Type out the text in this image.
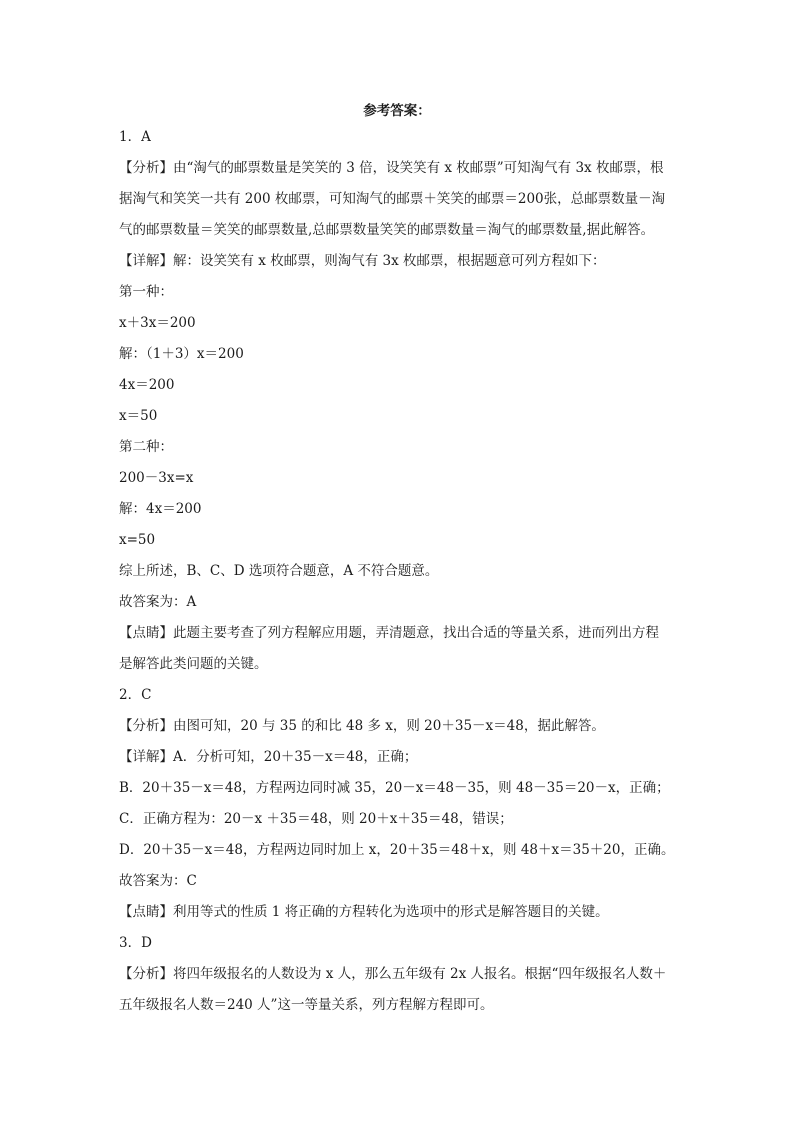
参考答案：
1．A
【分析】由“淘气的邮票数量是笑笑的 3 倍，设笑笑有 x 枚邮票”可知淘气有 3x 枚邮票，根
据淘气和笑笑一共有 200 枚邮票，可知淘气的邮票＋笑笑的邮票＝200张，总邮票数量－淘
气的邮票数量＝笑笑的邮票数量,总邮票数量笑笑的邮票数量＝淘气的邮票数量,据此解答。
【详解】解：设笑笑有 x 枚邮票，则淘气有 3x 枚邮票，根据题意可列方程如下：
第一种：
x＋3x＝200
解：（1＋3）x＝200
4x＝200
x＝50
第二种：
200－3x=x
解：4x＝200
x=50
综上所述，B、C、D 选项符合题意，A 不符合题意。
故答案为：A
【点睛】此题主要考查了列方程解应用题，弄清题意，找出合适的等量关系，进而列出方程
是解答此类问题的关键。
2．C
【分析】由图可知，20 与 35 的和比 48 多 x，则 20＋35－x＝48，据此解答。
【详解】A．分析可知，20＋35－x＝48，正确；
B．20＋35－x＝48，方程两边同时减 35，20－x＝48－35，则 48－35＝20－x，正确；
C．正确方程为：20－x ＋35＝48，则 20＋x＋35＝48，错误；
D．20＋35－x＝48，方程两边同时加上 x，20＋35＝48＋x，则 48＋x＝35＋20，正确。
故答案为：C
【点睛】利用等式的性质 1 将正确的方程转化为选项中的形式是解答题目的关键。
3．D
【分析】将四年级报名的人数设为 x 人，那么五年级有 2x 人报名。根据“四年级报名人数＋
五年级报名人数＝240 人”这一等量关系，列方程解方程即可。
